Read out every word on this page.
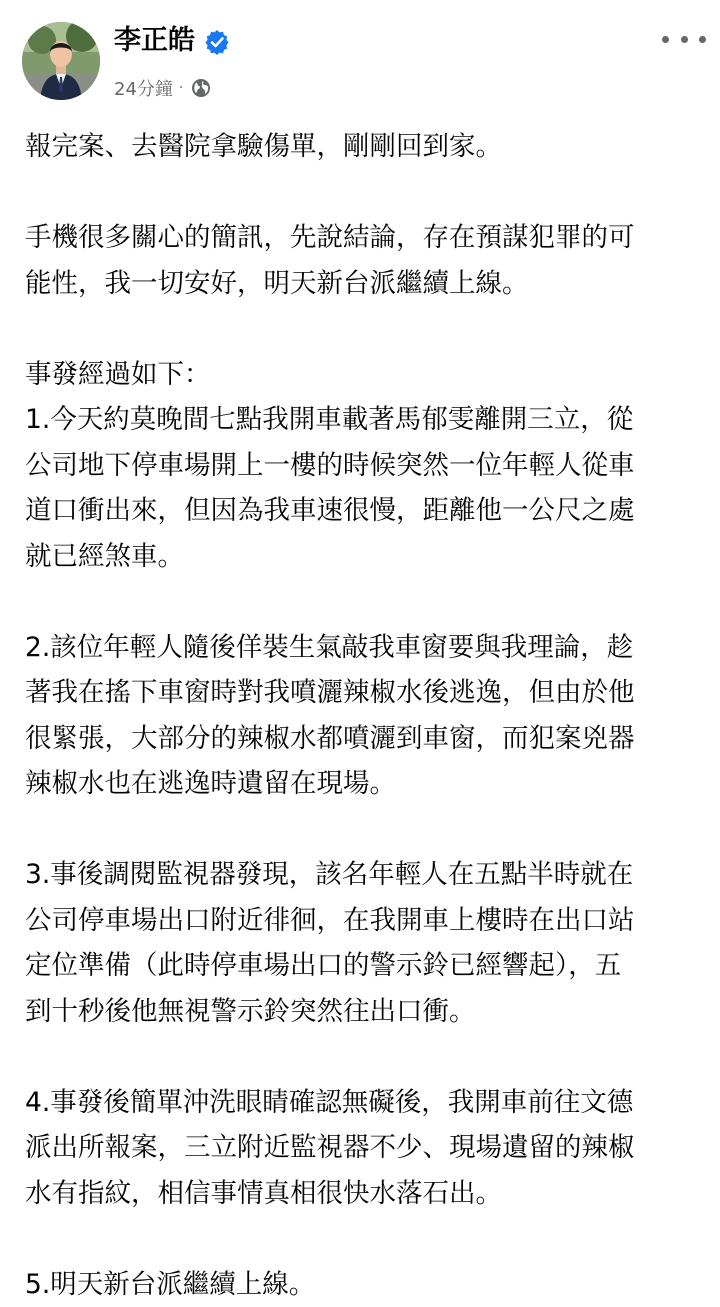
李正皓
24分鐘 ·

報完案、去醫院拿驗傷單，剛剛回到家。

手機很多關心的簡訊，先說結論，存在預謀犯罪的可
能性，我一切安好，明天新台派繼續上線。

事發經過如下：
1.今天約莫晚間七點我開車載著馬郁雯離開三立，從
公司地下停車場開上一樓的時候突然一位年輕人從車
道口衝出來，但因為我車速很慢，距離他一公尺之處
就已經煞車。

2.該位年輕人隨後佯裝生氣敲我車窗要與我理論，趁
著我在搖下車窗時對我噴灑辣椒水後逃逸，但由於他
很緊張，大部分的辣椒水都噴灑到車窗，而犯案兇器
辣椒水也在逃逸時遺留在現場。

3.事後調閱監視器發現，該名年輕人在五點半時就在
公司停車場出口附近徘徊，在我開車上樓時在出口站
定位準備（此時停車場出口的警示鈴已經響起），五
到十秒後他無視警示鈴突然往出口衝。

4.事發後簡單沖洗眼睛確認無礙後，我開車前往文德
派出所報案，三立附近監視器不少、現場遺留的辣椒
水有指紋，相信事情真相很快水落石出。

5.明天新台派繼續上線。
